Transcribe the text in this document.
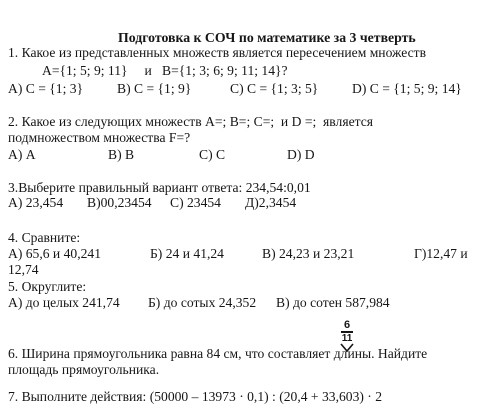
Подготовка к СОЧ по математике за 3 четверть
1. Какое из представленных множеств является пересечением множеств
A={1; 5; 9; 11}     и   B={1; 3; 6; 9; 11; 14}?
А) С = {1; 3} В) С = {1; 9}	С) С = {1; 3; 5} D) С = {1; 5; 9; 14}
2. Какое из следующих множеств A=; B=; C=;  и D =;  является
подмножеством множества F=?
А) А	В) В	С) С	D) D
3.Выберите правильный вариант ответа: 234,54:0,01
А) 23,454 В)00,23454 С) 23454 Д)2,3454
4. Сравните:
А) 65,6 и 40,241	Б) 24 и 41,24	В) 24,23 и 23,21	Г)12,47 и
12,74
5. Округлите:
А) до целых 241,74 Б) до сотых 24,352 В) до сотен 587,984
6
11
6. Ширина прямоугольника равна 84 см, что составляет длины. Найдите
площадь прямоугольника.
7. Выполните действия: (50000 – 13973 · 0,1) : (20,4 + 33,603) · 2
